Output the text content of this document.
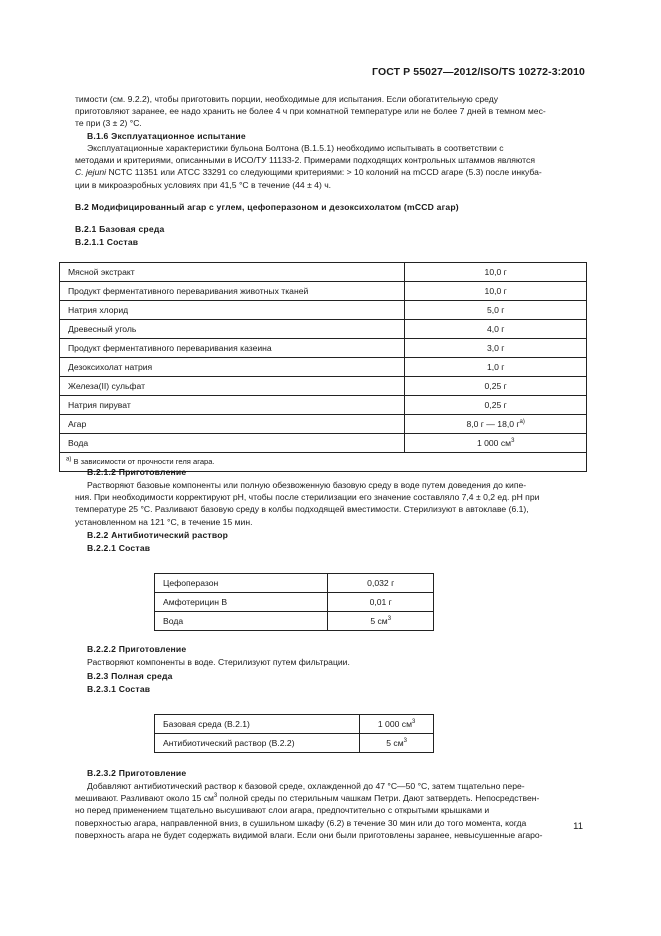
ГОСТ Р 55027—2012/ISO/TS 10272-3:2010
тимости (см. 9.2.2), чтобы приготовить порции, необходимые для испытания. Если обогатительную среду
приготовляют заранее, ее надо хранить не более 4 ч при комнатной температуре или не более 7 дней в темном мес-
те при (3 ± 2) °С.
В.1.6 Эксплуатационное испытание
Эксплуатационные характеристики бульона Болтона (В.1.5.1) необходимо испытывать в соответствии с
методами и критериями, описанными в ИСО/ТУ 11133-2. Примерами подходящих контрольных штаммов являются
C. jejuni NCTC 11351 или ATCC 33291 со следующими критериями: > 10 колоний на mCCD агаре (5.3) после инкуба-
ции в микроаэробных условиях при 41,5 °С в течение (44 ± 4) ч.
В.2 Модифицированный агар с углем, цефоперазоном и дезоксихолатом (mCCD агар)
В.2.1 Базовая среда
В.2.1.1 Состав
Мясной экстракт	10,0 г
Продукт ферментативного переваривания животных тканей	10,0 г
Натрия хлорид	5,0 г
Древесный уголь	4,0 г
Продукт ферментативного переваривания казеина	3,0 г
Дезоксихолат натрия	1,0 г
Железа(II) сульфат	0,25 г
Натрия пируват	0,25 г
Агар	8,0 г — 18,0 $г^{а)}$
Вода	1 000 $см^3$
$^{а)}$ В зависимости от прочности геля агара.	
В.2.1.2 Приготовление
Растворяют базовые компоненты или полную обезвоженную базовую среду в воде путем доведения до кипе-
ния. При необходимости корректируют рН, чтобы после стерилизации его значение составляло 7,4 ± 0,2 ед. рН при
температуре 25 °С. Разливают базовую среду в колбы подходящей вместимости. Стерилизуют в автоклаве (6.1),
установленном на 121 °С, в течение 15 мин.
В.2.2 Антибиотический раствор
В.2.2.1 Состав
Цефоперазон	0,032 г
Амфотерицин В	0,01 г
Вода	5 $см^3$
В.2.2.2 Приготовление
Растворяют компоненты в воде. Стерилизуют путем фильтрации.
В.2.3 Полная среда
В.2.3.1 Состав
Базовая среда (В.2.1)	1 000 $см^3$
Антибиотический раствор (В.2.2)	5 $см^3$
В.2.3.2 Приготовление
Добавляют антибиотический раствор к базовой среде, охлажденной до 47 °С—50 °С, затем тщательно пере-
мешивают. Разливают около 15 $см^3$ полной среды по стерильным чашкам Петри. Дают затвердеть. Непосредствен-
но перед применением тщательно высушивают слои агара, предпочтительно с открытыми крышками и
поверхностью агара, направленной вниз, в сушильном шкафу (6.2) в течение 30 мин или до того момента, когда
поверхность агара не будет содержать видимой влаги. Если они были приготовлены заранее, невысушенные агаро-
11
